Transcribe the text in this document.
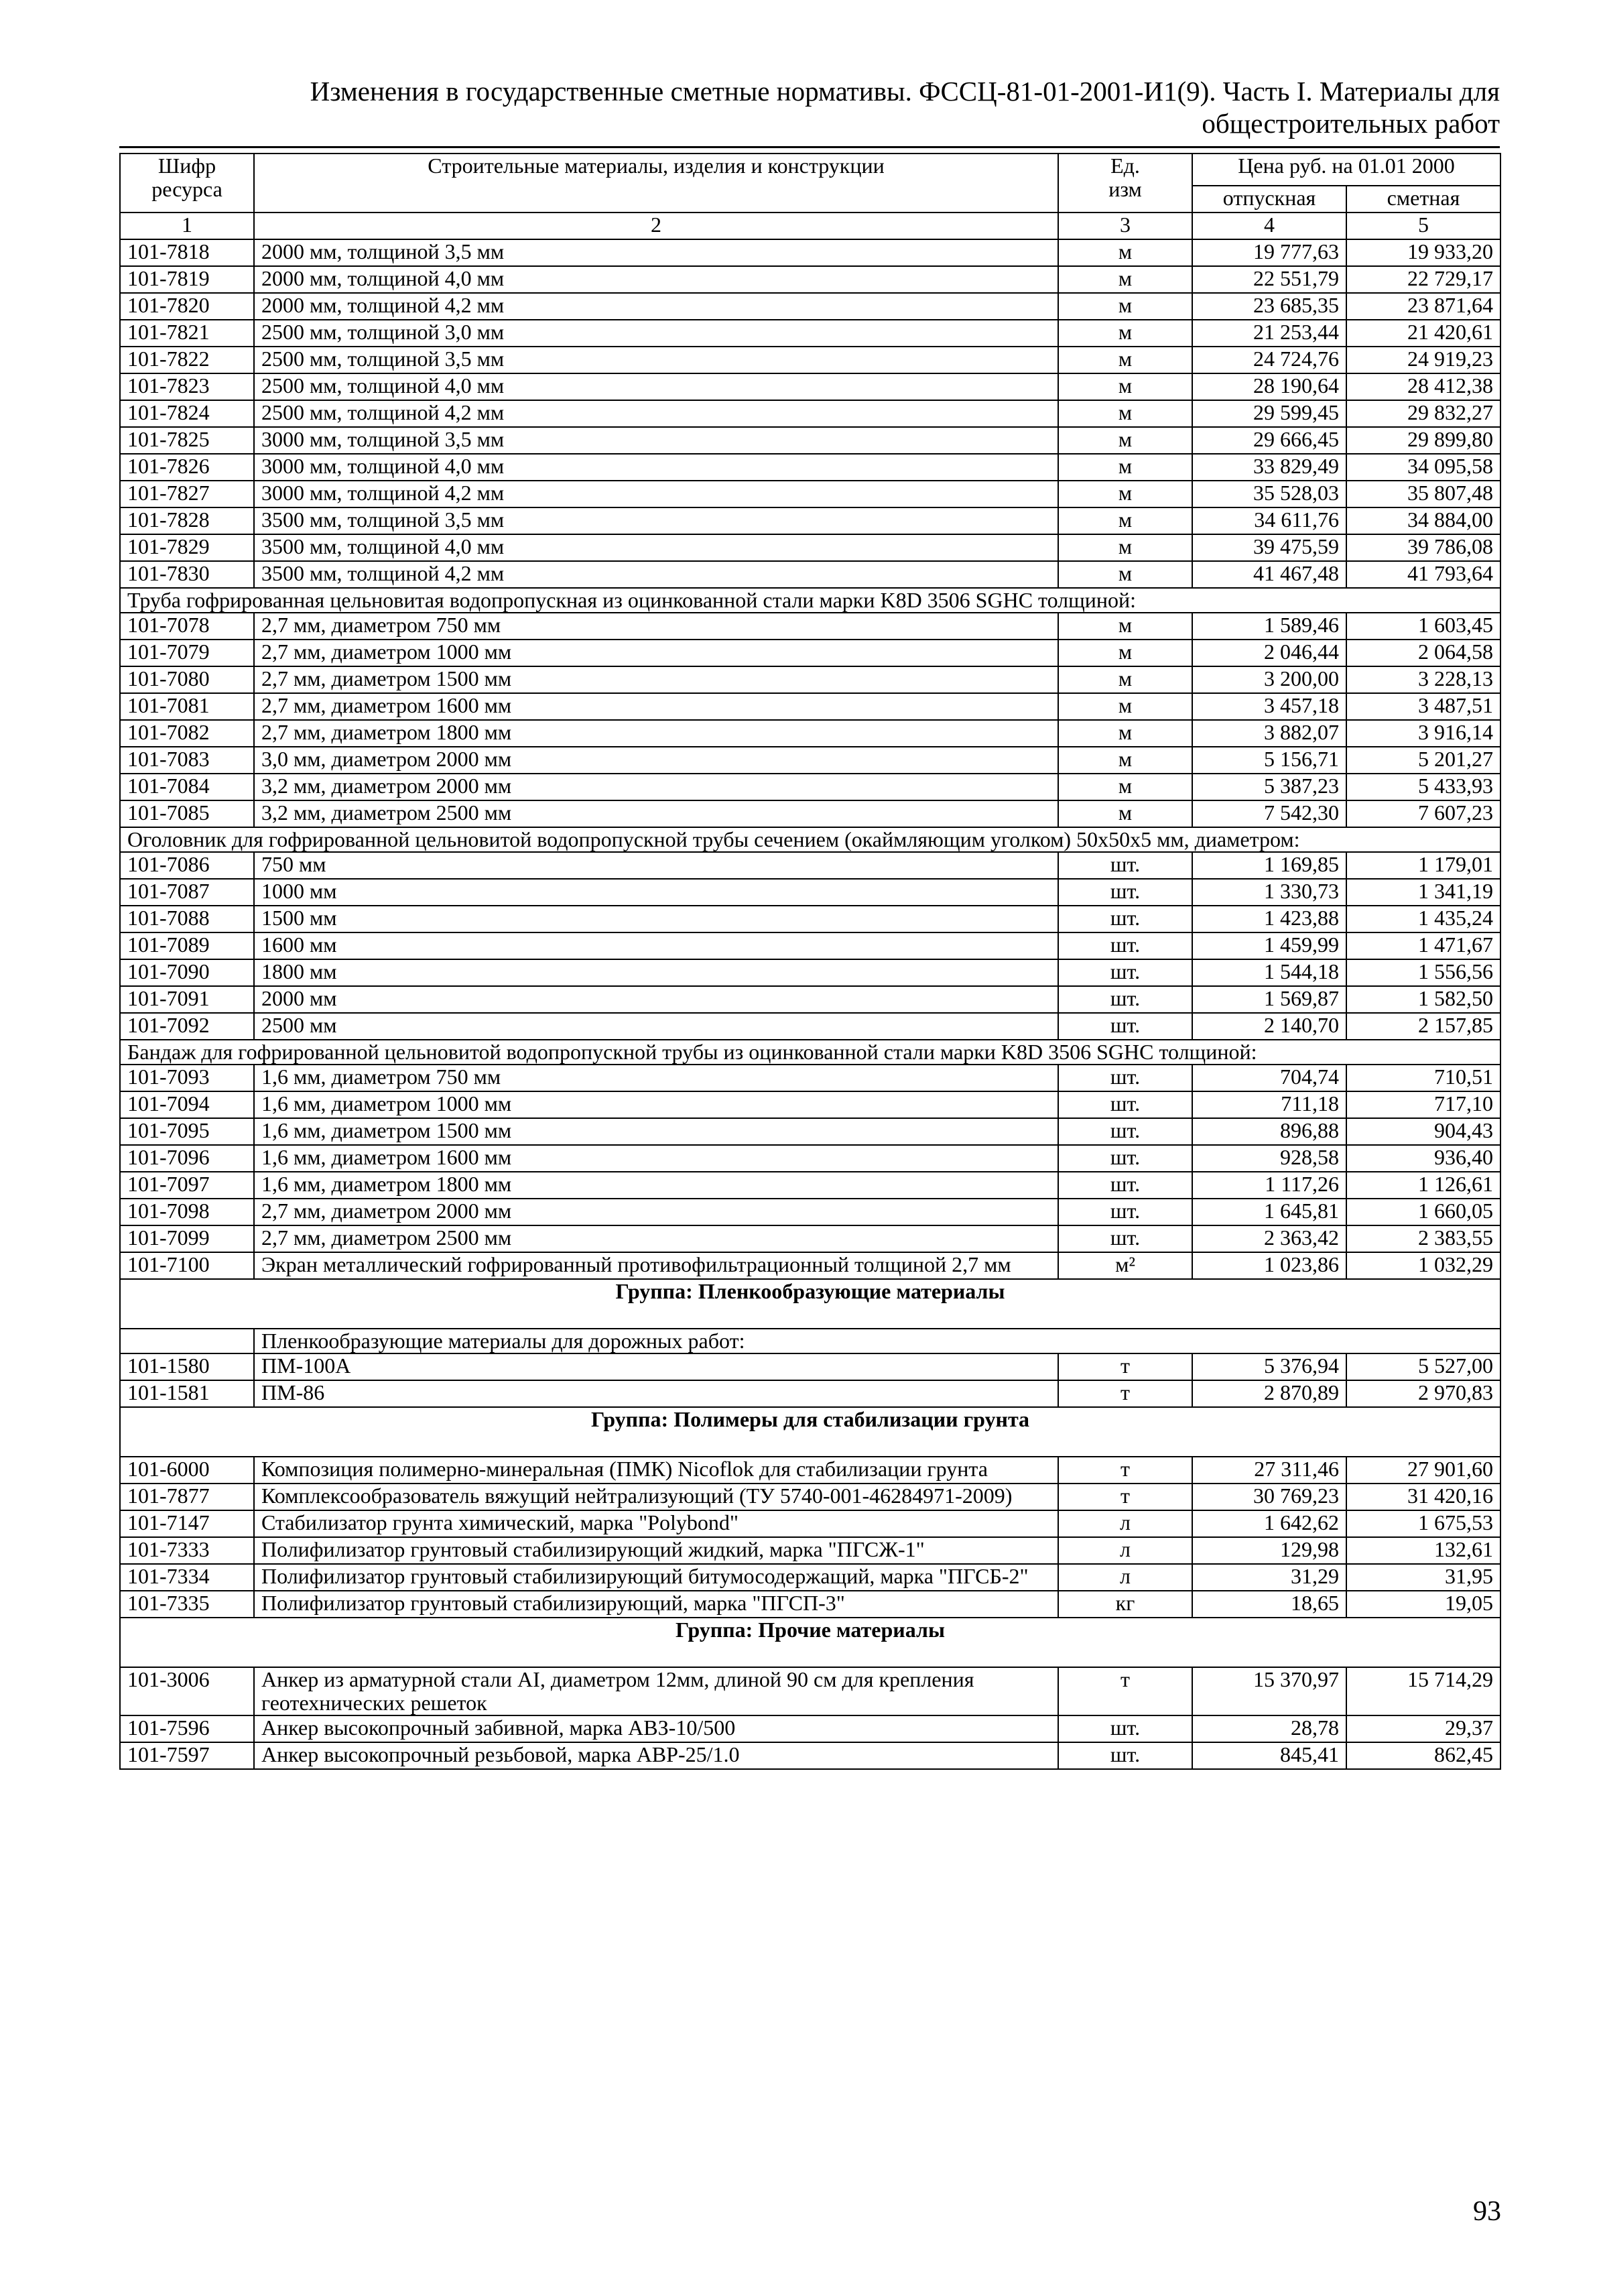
Изменения в государственные сметные нормативы. ФССЦ-81-01-2001-И1(9). Часть I. Материалы для
общестроительных работ
Шифр
ресурса	Строительные материалы, изделия и конструкции	Ед.
изм	Цена руб. на 01.01 2000	
			отпускная	сметная
1	2	3	4	5
101-7818	2000 мм, толщиной 3,5 мм	м	19 777,63	19 933,20
101-7819	2000 мм, толщиной 4,0 мм	м	22 551,79	22 729,17
101-7820	2000 мм, толщиной 4,2 мм	м	23 685,35	23 871,64
101-7821	2500 мм, толщиной 3,0 мм	м	21 253,44	21 420,61
101-7822	2500 мм, толщиной 3,5 мм	м	24 724,76	24 919,23
101-7823	2500 мм, толщиной 4,0 мм	м	28 190,64	28 412,38
101-7824	2500 мм, толщиной 4,2 мм	м	29 599,45	29 832,27
101-7825	3000 мм, толщиной 3,5 мм	м	29 666,45	29 899,80
101-7826	3000 мм, толщиной 4,0 мм	м	33 829,49	34 095,58
101-7827	3000 мм, толщиной 4,2 мм	м	35 528,03	35 807,48
101-7828	3500 мм, толщиной 3,5 мм	м	34 611,76	34 884,00
101-7829	3500 мм, толщиной 4,0 мм	м	39 475,59	39 786,08
101-7830	3500 мм, толщиной 4,2 мм	м	41 467,48	41 793,64
Труба гофрированная цельновитая водопропускная из оцинкованной стали марки K8D 3506 SGHC толщиной:				
101-7078	2,7 мм, диаметром 750 мм	м	1 589,46	1 603,45
101-7079	2,7 мм, диаметром 1000 мм	м	2 046,44	2 064,58
101-7080	2,7 мм, диаметром 1500 мм	м	3 200,00	3 228,13
101-7081	2,7 мм, диаметром 1600 мм	м	3 457,18	3 487,51
101-7082	2,7 мм, диаметром 1800 мм	м	3 882,07	3 916,14
101-7083	3,0 мм, диаметром 2000 мм	м	5 156,71	5 201,27
101-7084	3,2 мм, диаметром 2000 мм	м	5 387,23	5 433,93
101-7085	3,2 мм, диаметром 2500 мм	м	7 542,30	7 607,23
Оголовник для гофрированной цельновитой водопропускной трубы сечением (окаймляющим уголком) 50x50x5 мм, диаметром:				
101-7086	750 мм	шт.	1 169,85	1 179,01
101-7087	1000 мм	шт.	1 330,73	1 341,19
101-7088	1500 мм	шт.	1 423,88	1 435,24
101-7089	1600 мм	шт.	1 459,99	1 471,67
101-7090	1800 мм	шт.	1 544,18	1 556,56
101-7091	2000 мм	шт.	1 569,87	1 582,50
101-7092	2500 мм	шт.	2 140,70	2 157,85
Бандаж для гофрированной цельновитой водопропускной трубы из оцинкованной стали марки K8D 3506 SGHC толщиной:				
101-7093	1,6 мм, диаметром 750 мм	шт.	704,74	710,51
101-7094	1,6 мм, диаметром 1000 мм	шт.	711,18	717,10
101-7095	1,6 мм, диаметром 1500 мм	шт.	896,88	904,43
101-7096	1,6 мм, диаметром 1600 мм	шт.	928,58	936,40
101-7097	1,6 мм, диаметром 1800 мм	шт.	1 117,26	1 126,61
101-7098	2,7 мм, диаметром 2000 мм	шт.	1 645,81	1 660,05
101-7099	2,7 мм, диаметром 2500 мм	шт.	2 363,42	2 383,55
101-7100	Экран металлический гофрированный противофильтрационный толщиной 2,7 мм	м²	1 023,86	1 032,29
Группа: Пленкообразующие материалы				
	Пленкообразующие материалы для дорожных работ:			
101-1580	ПМ-100А	т	5 376,94	5 527,00
101-1581	ПМ-86	т	2 870,89	2 970,83
Группа: Полимеры для стабилизации грунта				
101-6000	Композиция полимерно-минеральная (ПМК) Nicoflok для стабилизации грунта	т	27 311,46	27 901,60
101-7877	Комплексообразователь вяжущий нейтрализующий (ТУ 5740-001-46284971-2009)	т	30 769,23	31 420,16
101-7147	Стабилизатор грунта химический, марка "Polybond"	л	1 642,62	1 675,53
101-7333	Полифилизатор грунтовый стабилизирующий жидкий, марка "ПГСЖ-1"	л	129,98	132,61
101-7334	Полифилизатор грунтовый стабилизирующий битумосодержащий, марка "ПГСБ-2"	л	31,29	31,95
101-7335	Полифилизатор грунтовый стабилизирующий, марка "ПГСП-3"	кг	18,65	19,05
Группа: Прочие материалы				
101-3006	Анкер из арматурной стали AI, диаметром 12мм, длиной 90 см для крепления геотехнических решеток	т	15 370,97	15 714,29
101-7596	Анкер высокопрочный забивной, марка АВЗ-10/500	шт.	28,78	29,37
101-7597	Анкер высокопрочный резьбовой, марка АВР-25/1.0	шт.	845,41	862,45
93
